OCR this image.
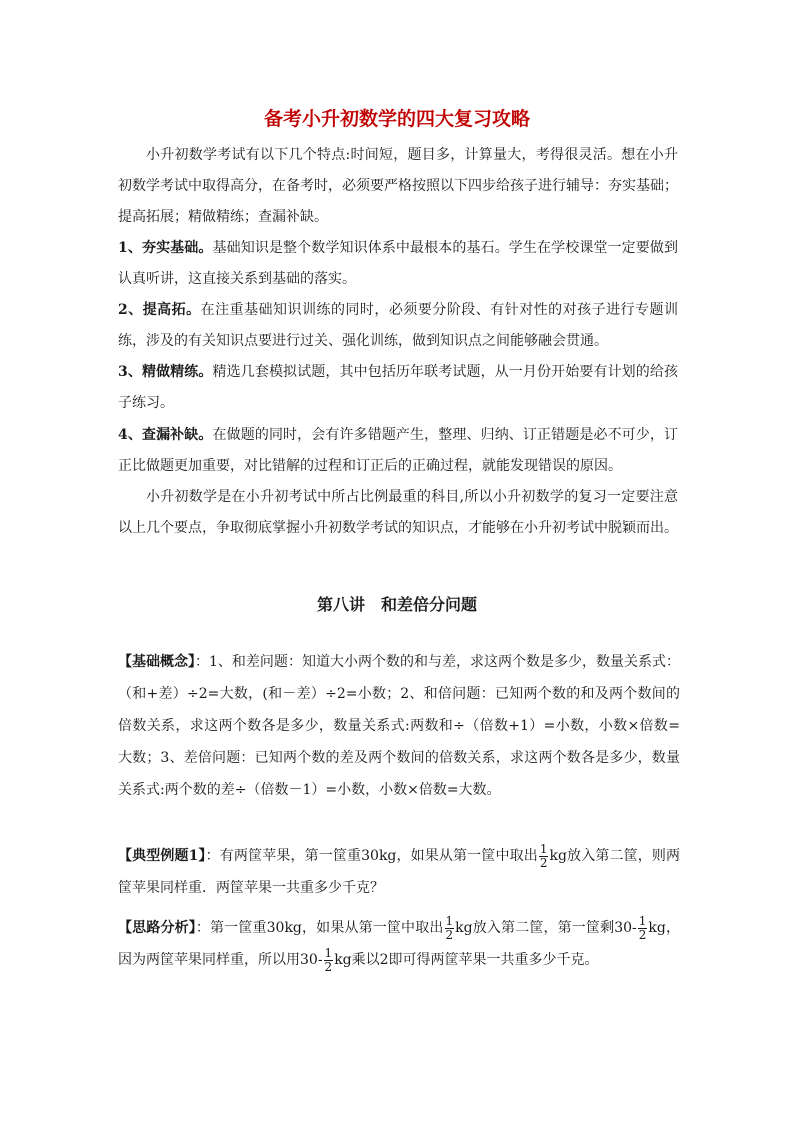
备考小升初数学的四大复习攻略
小升初数学考试有以下几个特点:时间短，题目多，计算量大，考得很灵活。想在小升初数学考试中取得高分，在备考时，必须要严格按照以下四步给孩子进行辅导：夯实基础；提高拓展；精做精练；查漏补缺。
1、夯实基础。基础知识是整个数学知识体系中最根本的基石。学生在学校课堂一定要做到认真听讲，这直接关系到基础的落实。
2、提高拓。在注重基础知识训练的同时，必须要分阶段、有针对性的对孩子进行专题训练，涉及的有关知识点要进行过关、强化训练，做到知识点之间能够融会贯通。
3、精做精练。精选几套模拟试题，其中包括历年联考试题，从一月份开始要有计划的给孩子练习。
4、查漏补缺。在做题的同时，会有许多错题产生，整理、归纳、订正错题是必不可少，订正比做题更加重要，对比错解的过程和订正后的正确过程，就能发现错误的原因。
小升初数学是在小升初考试中所占比例最重的科目,所以小升初数学的复习一定要注意以上几个要点，争取彻底掌握小升初数学考试的知识点，才能够在小升初考试中脱颖而出。
第八讲　和差倍分问题
【基础概念】：1、和差问题：知道大小两个数的和与差，求这两个数是多少，数量关系式：（和+差）÷2=大数，(和－差）÷2=小数；2、和倍问题：已知两个数的和及两个数间的倍数关系，求这两个数各是多少，数量关系式:两数和÷（倍数+1）=小数，小数×倍数=大数；3、差倍问题：已知两个数的差及两个数间的倍数关系，求这两个数各是多少，数量关系式:两个数的差÷（倍数－1）=小数，小数×倍数=大数。
【典型例题1】：有两筐苹果，第一筐重30kg，如果从第一筐中取出 $\frac{1}{2}$ kg放入第二筐，则两筐苹果同样重．两筐苹果一共重多少千克？
【思路分析】：第一筐重30kg，如果从第一筐中取出 $\frac{1}{2}$ kg放入第二筐，第一筐剩$30- \frac{1}{2}$ kg，因为两筐苹果同样重，所以用$30- \frac{1}{2}$ kg乘以2即可得两筐苹果一共重多少千克。
